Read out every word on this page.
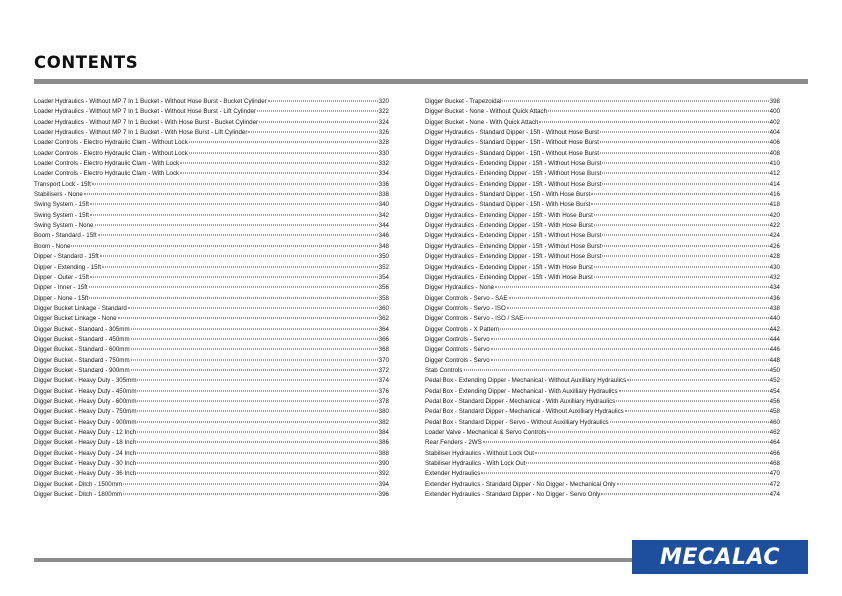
CONTENTS
Loader Hydraulics - Without MP 7 In 1 Bucket - Without Hose Burst - Bucket Cylinder	320
Loader Hydraulics - Without MP 7 In 1 Bucket - Without Hose Burst - Lift Cylinder	322
Loader Hydraulics - Without MP 7 In 1 Bucket - With Hose Burst - Bucket Cylinder	324
Loader Hydraulics - Without MP 7 In 1 Bucket - With Hose Burst - Lift Cylinder	326
Loader Controls - Electro Hydraulic Clam - Without Lock	328
Loader Controls - Electro Hydraulic Clam - Without Lock	330
Loader Controls - Electro Hydraulic Clam - With Lock	332
Loader Controls - Electro Hydraulic Clam - With Lock	334
Transport Lock - 15ft	336
Stabilisers - None	338
Swing System - 15ft	340
Swing System - 15ft	342
Swing System - None	344
Boom - Standard - 15ft	346
Boom - None	348
Dipper - Standard - 15ft	350
Dipper - Extending - 15ft	352
Dipper - Outer - 15ft	354
Dipper - Inner - 15ft	356
Dipper - None - 15ft	358
Digger Bucket Linkage - Standard	360
Digger Bucket Linkage - None	362
Digger Bucket - Standard - 305mm	364
Digger Bucket - Standard - 450mm	366
Digger Bucket - Standard - 600mm	368
Digger Bucket - Standard - 750mm	370
Digger Bucket - Standard - 900mm	372
Digger Bucket - Heavy Duty - 305mm	374
Digger Bucket - Heavy Duty - 450mm	376
Digger Bucket - Heavy Duty - 600mm	378
Digger Bucket - Heavy Duty - 750mm	380
Digger Bucket - Heavy Duty - 900mm	382
Digger Bucket - Heavy Duty - 12 Inch	384
Digger Bucket - Heavy Duty - 18 Inch	386
Digger Bucket - Heavy Duty - 24 Inch	388
Digger Bucket - Heavy Duty - 30 Inch	390
Digger Bucket - Heavy Duty - 36 Inch	392
Digger Bucket - Ditch - 1500mm	394
Digger Bucket - Ditch - 1800mm	396
Digger Bucket - Trapezoidal	398
Digger Bucket - None - Without Quick Attach	400
Digger Bucket - None - With Quick Attach	402
Digger Hydraulics - Standard Dipper - 15ft - Without Hose Burst	404
Digger Hydraulics - Standard Dipper - 15ft - Without Hose Burst	406
Digger Hydraulics - Standard Dipper - 15ft - Without Hose Burst	408
Digger Hydraulics - Extending Dipper - 15ft - Without Hose Burst	410
Digger Hydraulics - Extending Dipper - 15ft - Without Hose Burst	412
Digger Hydraulics - Extending Dipper - 15ft - Without Hose Burst	414
Digger Hydraulics - Standard Dipper - 15ft - With Hose Burst	416
Digger Hydraulics - Standard Dipper - 15ft - With Hose Burst	418
Digger Hydraulics - Extending Dipper - 15ft - With Hose Burst	420
Digger Hydraulics - Extending Dipper - 15ft - With Hose Burst	422
Digger Hydraulics - Extending Dipper - 15ft - Without Hose Burst	424
Digger Hydraulics - Extending Dipper - 15ft - Without Hose Burst	426
Digger Hydraulics - Extending Dipper - 15ft - Without Hose Burst	428
Digger Hydraulics - Extending Dipper - 15ft - With Hose Burst	430
Digger Hydraulics - Extending Dipper - 15ft - With Hose Burst	432
Digger Hydraulics - None	434
Digger Controls - Servo - SAE	436
Digger Controls - Servo - ISO	438
Digger Controls - Servo - ISO / SAE	440
Digger Controls - X Pattern	442
Digger Controls - Servo	444
Digger Controls - Servo	446
Digger Controls - Servo	448
Stab Controls	450
Pedal Box - Extending Dipper - Mechanical - Without Auxilliary Hydraulics	452
Pedal Box - Extending Dipper - Mechanical - With Auxilliary Hydraulics	454
Pedal Box - Standard Dipper - Mechanical - With Auxilliary Hydraulics	456
Pedal Box - Standard Dipper - Mechanical - Without Auxilliary Hydraulics	458
Pedal Box - Standard Dipper - Servo - Without Auxilliary Hydraulics	460
Loader Valve - Mechanical & Servo Controls	462
Rear Fenders - 2WS	464
Stabiliser Hydraulics - Without Lock Out	466
Stabiliser Hydraulics - With Lock Out	468
Extender Hydraulics	470
Extender Hydraulics - Standard Dipper - No Digger - Mechanical Only	472
Extender Hydraulics - Standard Dipper - No Digger - Servo Only	474
MECALAC
